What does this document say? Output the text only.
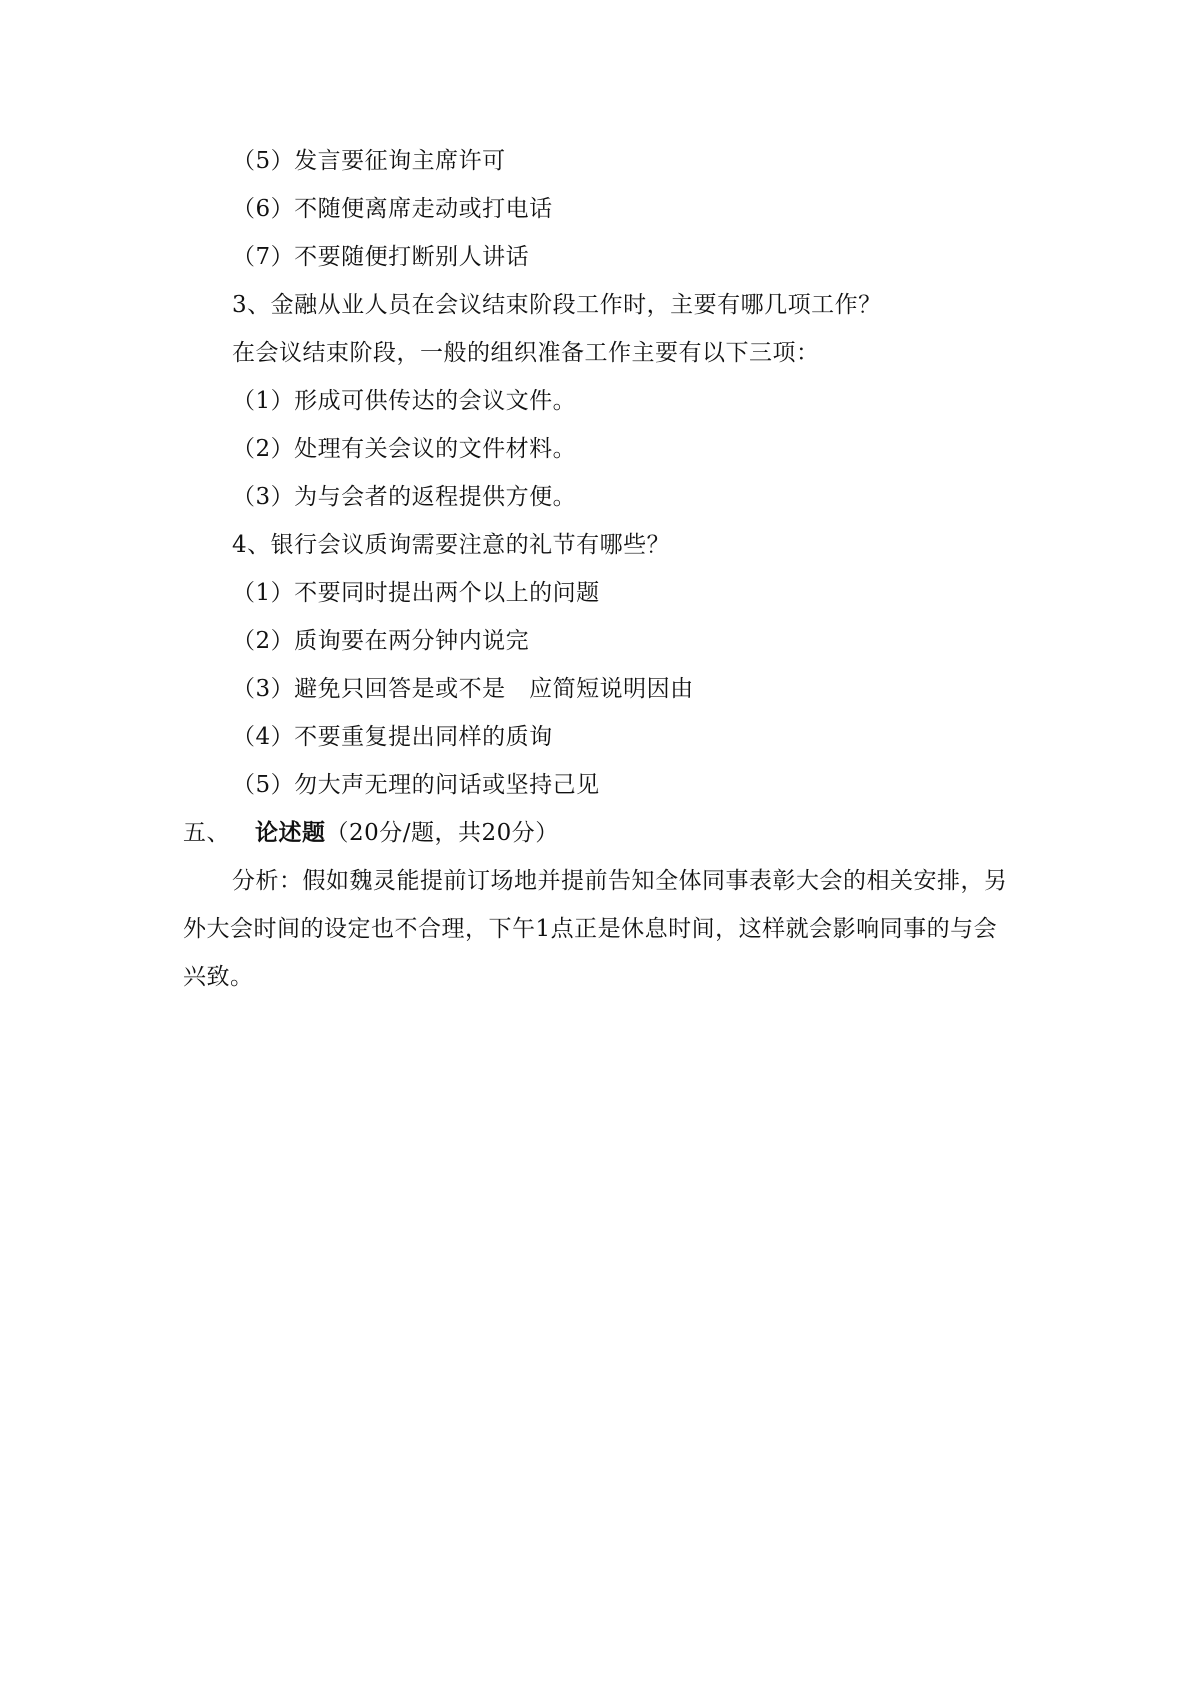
（5）发言要征询主席许可
（6）不随便离席走动或打电话
（7）不要随便打断别人讲话
3、金融从业人员在会议结束阶段工作时，主要有哪几项工作？
在会议结束阶段，一般的组织准备工作主要有以下三项：
（1）形成可供传达的会议文件。
（2）处理有关会议的文件材料。
（3）为与会者的返程提供方便。
4、银行会议质询需要注意的礼节有哪些？
（1）不要同时提出两个以上的问题
（2）质询要在两分钟内说完
（3）避免只回答是或不是　应简短说明因由
（4）不要重复提出同样的质询
（5）勿大声无理的问话或坚持己见
五、 论述题（20分/题，共20分）
分析：假如魏灵能提前订场地并提前告知全体同事表彰大会的相关安排，另
外大会时间的设定也不合理，下午1点正是休息时间，这样就会影响同事的与会
兴致。
